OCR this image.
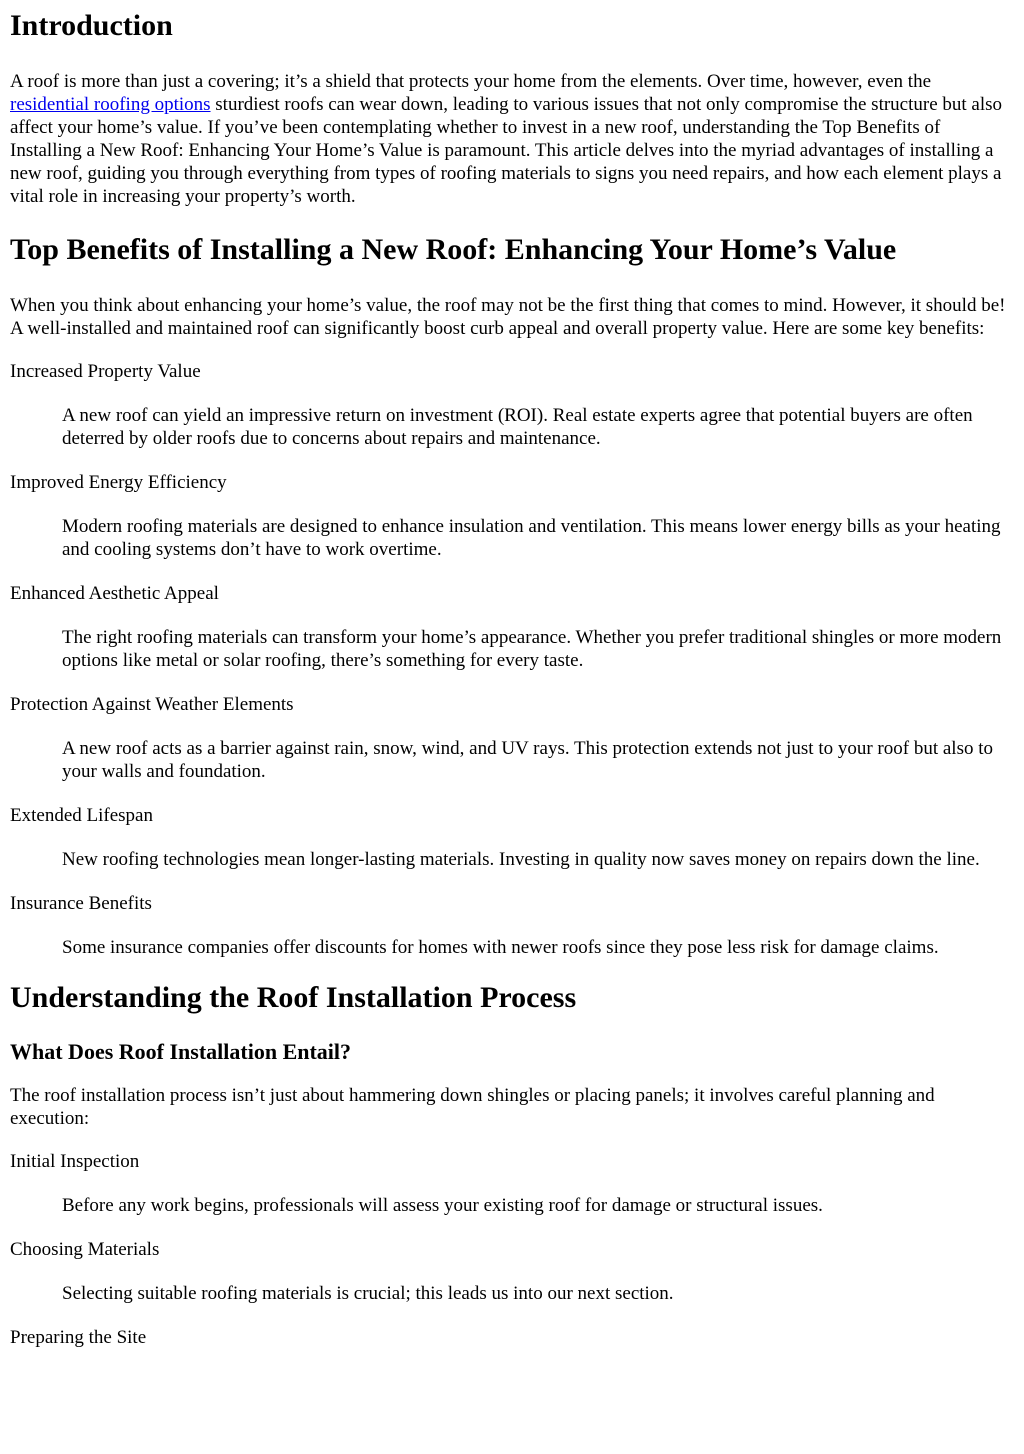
Introduction

A roof is more than just a covering; it’s a shield that protects your home from the elements. Over time, however, even the residential roofing options sturdiest roofs can wear down, leading to various issues that not only compromise the structure but also affect your home’s value. If you’ve been contemplating whether to invest in a new roof, understanding the Top Benefits of Installing a New Roof: Enhancing Your Home’s Value is paramount. This article delves into the myriad advantages of installing a new roof, guiding you through everything from types of roofing materials to signs you need repairs, and how each element plays a vital role in increasing your property’s worth.

Top Benefits of Installing a New Roof: Enhancing Your Home’s Value

When you think about enhancing your home’s value, the roof may not be the first thing that comes to mind. However, it should be! A well-installed and maintained roof can significantly boost curb appeal and overall property value. Here are some key benefits:

Increased Property Value
A new roof can yield an impressive return on investment (ROI). Real estate experts agree that potential buyers are often deterred by older roofs due to concerns about repairs and maintenance.
Improved Energy Efficiency
Modern roofing materials are designed to enhance insulation and ventilation. This means lower energy bills as your heating and cooling systems don’t have to work overtime.
Enhanced Aesthetic Appeal
The right roofing materials can transform your home’s appearance. Whether you prefer traditional shingles or more modern options like metal or solar roofing, there’s something for every taste.
Protection Against Weather Elements
A new roof acts as a barrier against rain, snow, wind, and UV rays. This protection extends not just to your roof but also to your walls and foundation.
Extended Lifespan
New roofing technologies mean longer-lasting materials. Investing in quality now saves money on repairs down the line.
Insurance Benefits
Some insurance companies offer discounts for homes with newer roofs since they pose less risk for damage claims.
Understanding the Roof Installation Process
What Does Roof Installation Entail?

The roof installation process isn’t just about hammering down shingles or placing panels; it involves careful planning and execution:

Initial Inspection
Before any work begins, professionals will assess your existing roof for damage or structural issues.
Choosing Materials
Selecting suitable roofing materials is crucial; this leads us into our next section.
Preparing the Site
